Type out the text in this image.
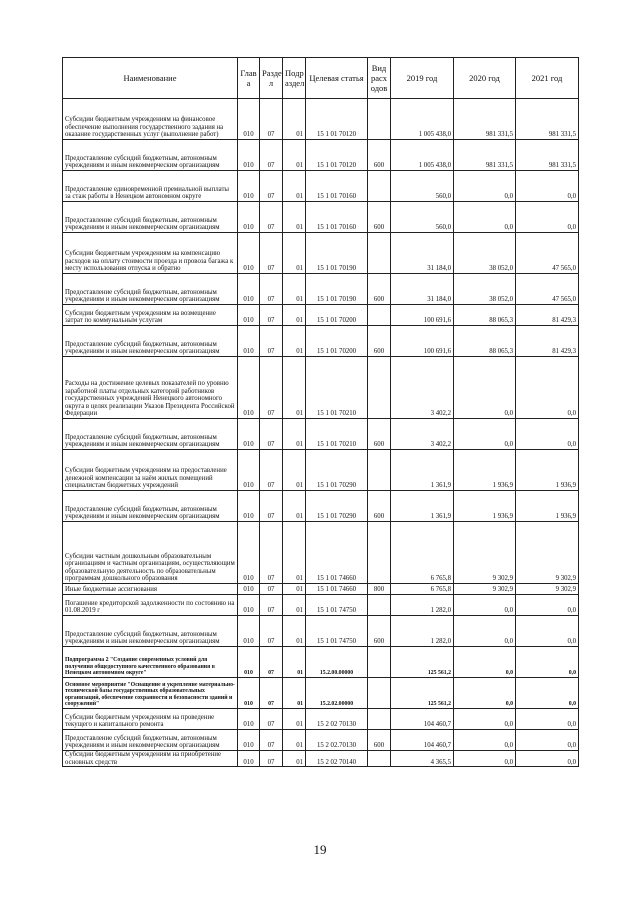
Наименование	Глав а	Разде л	Подр аздел	Целевая статья	Вид расх одов	2019 год	2020 год	2021 год
Субсидии бюджетным учреждениям на финансовое обеспечение выполнения государственного задания на оказание государственных услуг (выполнение работ)	010	07	01	15 1 01 70120		1 005 438,0	981 331,5	981 331,5
Предоставление субсидий бюджетным, автономным учреждениям и иным некоммерческим организациям	010	07	01	15 1 01 70120	600	1 005 438,0	981 331,5	981 331,5
Предоставление единовременной премиальной выплаты за стаж работы в Ненецком автономном округе	010	07	01	15 1 01 70160		560,0	0,0	0,0
Предоставление субсидий бюджетным, автономным учреждениям и иным некоммерческим организациям	010	07	01	15 1 01 70160	600	560,0	0,0	0,0
Субсидии бюджетным учреждениям на компенсацию расходов на оплату стоимости проезда и провоза багажа к месту использования отпуска и обратно	010	07	01	15 1 01 70190		31 184,0	38 052,0	47 565,0
Предоставление субсидий бюджетным, автономным учреждениям и иным некоммерческим организациям	010	07	01	15 1 01 70190	600	31 184,0	38 052,0	47 565,0
Субсидии бюджетным учреждениям на возмещение затрат по коммунальным услугам	010	07	01	15 1 01 70200		100 691,6	88 065,3	81 429,3
Предоставление субсидий бюджетным, автономным учреждениям и иным некоммерческим организациям	010	07	01	15 1 01 70200	600	100 691,6	88 065,3	81 429,3
Расходы на достижение целевых показателей по уровню заработной платы отдельных категорий работников государственных учреждений Ненецкого автономного округа в целях реализации Указов Президента Российской Федерации	010	07	01	15 1 01 70210		3 402,2	0,0	0,0
Предоставление субсидий бюджетным, автономным учреждениям и иным некоммерческим организациям	010	07	01	15 1 01 70210	600	3 402,2	0,0	0,0
Субсидии бюджетным учреждениям на предоставление денежной компенсации за наём жилых помещений специалистам бюджетных учреждений	010	07	01	15 1 01 70290		1 361,9	1 936,9	1 936,9
Предоставление субсидий бюджетным, автономным учреждениям и иным некоммерческим организациям	010	07	01	15 1 01 70290	600	1 361,9	1 936,9	1 936,9
Субсидии частным дошкольным образовательным организациям и частным организациям, осуществляющим образовательную деятельность по образовательным программам дошкольного образования	010	07	01	15 1 01 74660		6 765,8	9 302,9	9 302,9
Иные бюджетные ассигнования	010	07	01	15 1 01 74660	800	6 765,8	9 302,9	9 302,9
Погашение кредиторской задолженности по состоянию на 01.08.2019 г	010	07	01	15 1 01 74750		1 282,0	0,0	0,0
Предоставление субсидий бюджетным, автономным учреждениям и иным некоммерческим организациям	010	07	01	15 1 01 74750	600	1 282,0	0,0	0,0
Подпрограмма 2 "Создание современных условий для получения общедоступного качественного образования в Ненецком автономном округе"	010	07	01	15.2.00.00000		125 561,2	0,0	0,0
Основное мероприятие "Оснащение и укрепление материально-технической базы государственных образовательных организаций, обеспечение сохранности и безопасности зданий и сооружений"	010	07	01	15.2.02.00000		125 561,2	0,0	0,0
Субсидии бюджетным учреждениям на проведение текущего и капитального ремонта	010	07	01	15 2 02 70130		104 460,7	0,0	0,0
Предоставление субсидий бюджетным, автономным учреждениям и иным некоммерческим организациям	010	07	01	15 2 02.70130	600	104 460,7	0,0	0,0
Субсидии бюджетным учреждениям на приобретение основных средств	010	07	01	15 2 02 70140		4 365,5	0,0	0,0
19
